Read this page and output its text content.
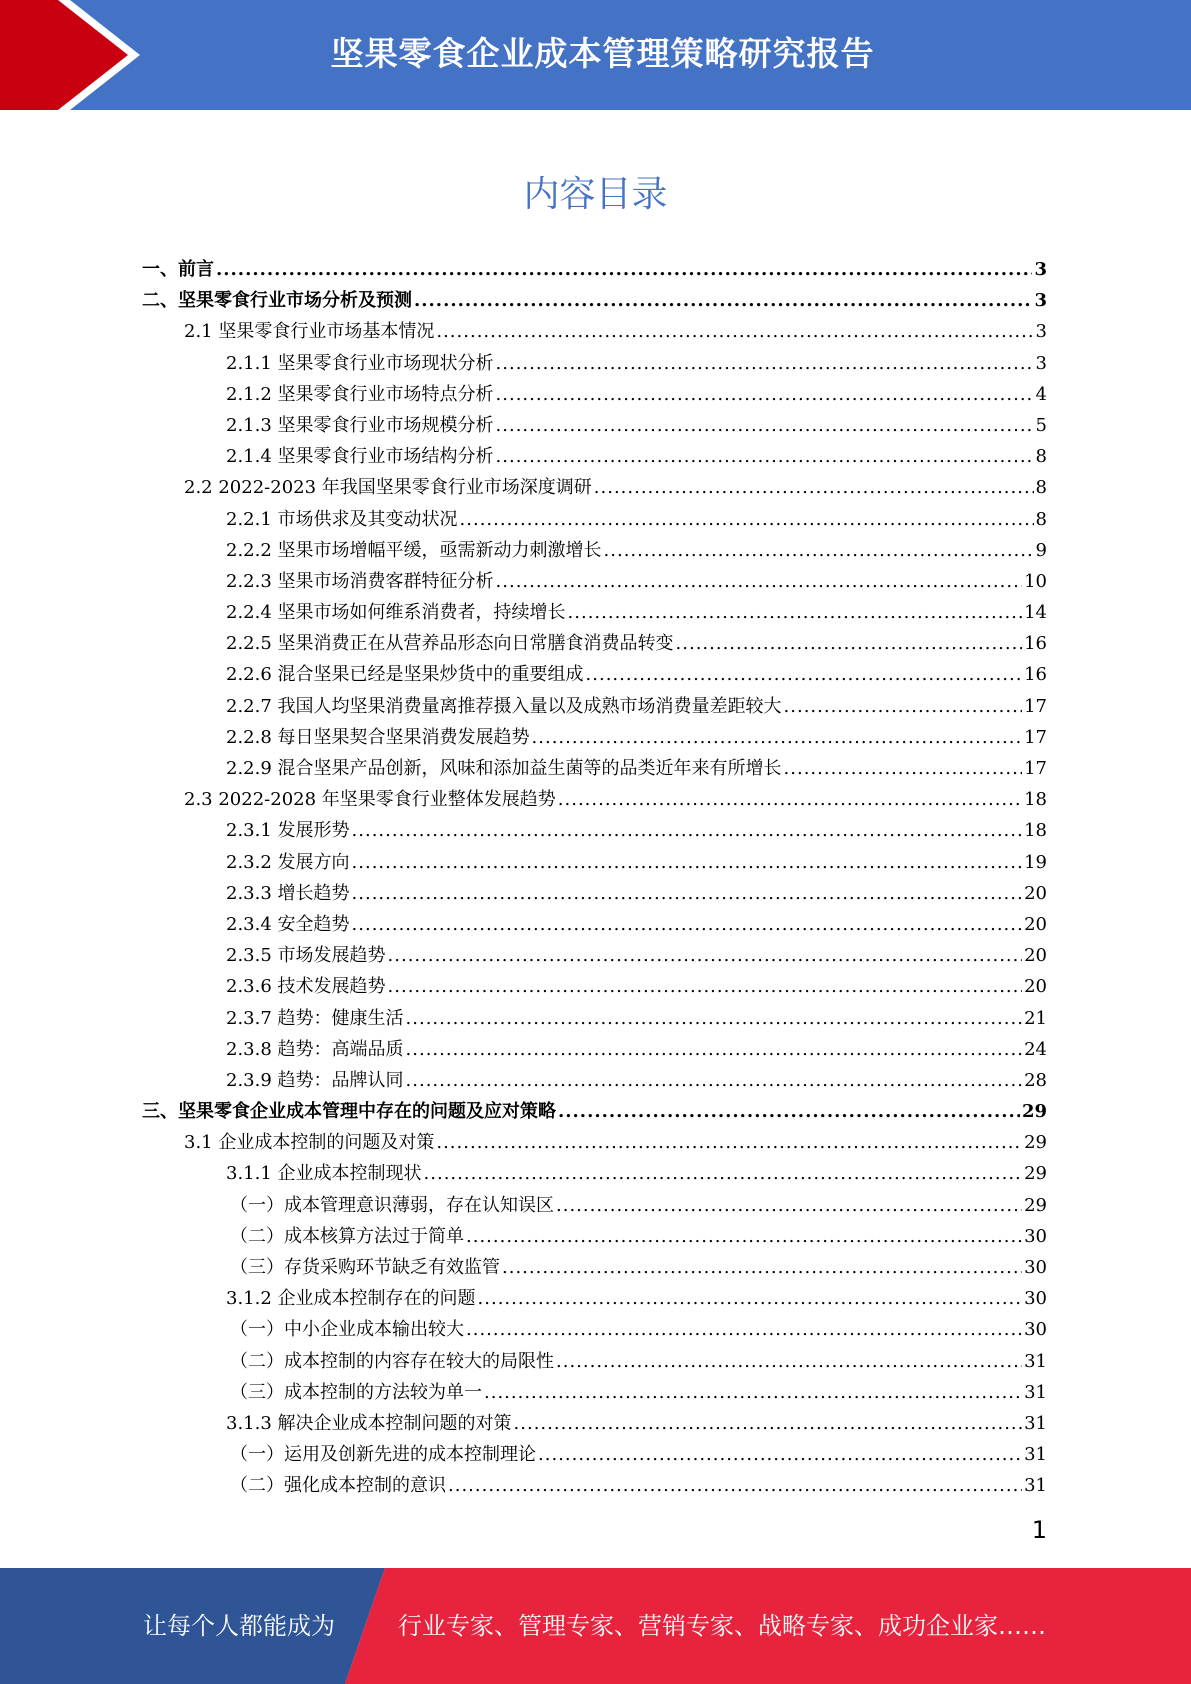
坚果零食企业成本管理策略研究报告
内容目录
一、前言 .....	3
二、坚果零食行业市场分析及预测 .....	3
2.1 坚果零食行业市场基本情况 .....	3
2.1.1 坚果零食行业市场现状分析 .....	3
2.1.2 坚果零食行业市场特点分析 .....	4
2.1.3 坚果零食行业市场规模分析 .....	5
2.1.4 坚果零食行业市场结构分析 .....	8
2.2 2022-2023 年我国坚果零食行业市场深度调研 .....	8
2.2.1 市场供求及其变动状况 .....	8
2.2.2 坚果市场增幅平缓，亟需新动力刺激增长 .....	9
2.2.3 坚果市场消费客群特征分析 .....	10
2.2.4 坚果市场如何维系消费者，持续增长 .....	14
2.2.5 坚果消费正在从营养品形态向日常膳食消费品转变 .....	16
2.2.6 混合坚果已经是坚果炒货中的重要组成 .....	16
2.2.7 我国人均坚果消费量离推荐摄入量以及成熟市场消费量差距较大 .....	17
2.2.8 每日坚果契合坚果消费发展趋势 .....	17
2.2.9 混合坚果产品创新，风味和添加益生菌等的品类近年来有所增长 .....	17
2.3 2022-2028 年坚果零食行业整体发展趋势 .....	18
2.3.1 发展形势 .....	18
2.3.2 发展方向 .....	19
2.3.3 增长趋势 .....	20
2.3.4 安全趋势 .....	20
2.3.5 市场发展趋势 .....	20
2.3.6 技术发展趋势 .....	20
2.3.7 趋势：健康生活 .....	21
2.3.8 趋势：高端品质 .....	24
2.3.9 趋势：品牌认同 .....	28
三、坚果零食企业成本管理中存在的问题及应对策略 .....	29
3.1 企业成本控制的问题及对策 .....	29
3.1.1 企业成本控制现状 .....	29
（一）成本管理意识薄弱，存在认知误区 .....	29
（二）成本核算方法过于简单 .....	30
（三）存货采购环节缺乏有效监管 .....	30
3.1.2 企业成本控制存在的问题 .....	30
（一）中小企业成本输出较大 .....	30
（二）成本控制的内容存在较大的局限性 .....	31
（三）成本控制的方法较为单一 .....	31
3.1.3 解决企业成本控制问题的对策 .....	31
（一）运用及创新先进的成本控制理论 .....	31
（二）强化成本控制的意识 .....	31
1
让每个人都能成为	行业专家、管理专家、营销专家、战略专家、成功企业家……
